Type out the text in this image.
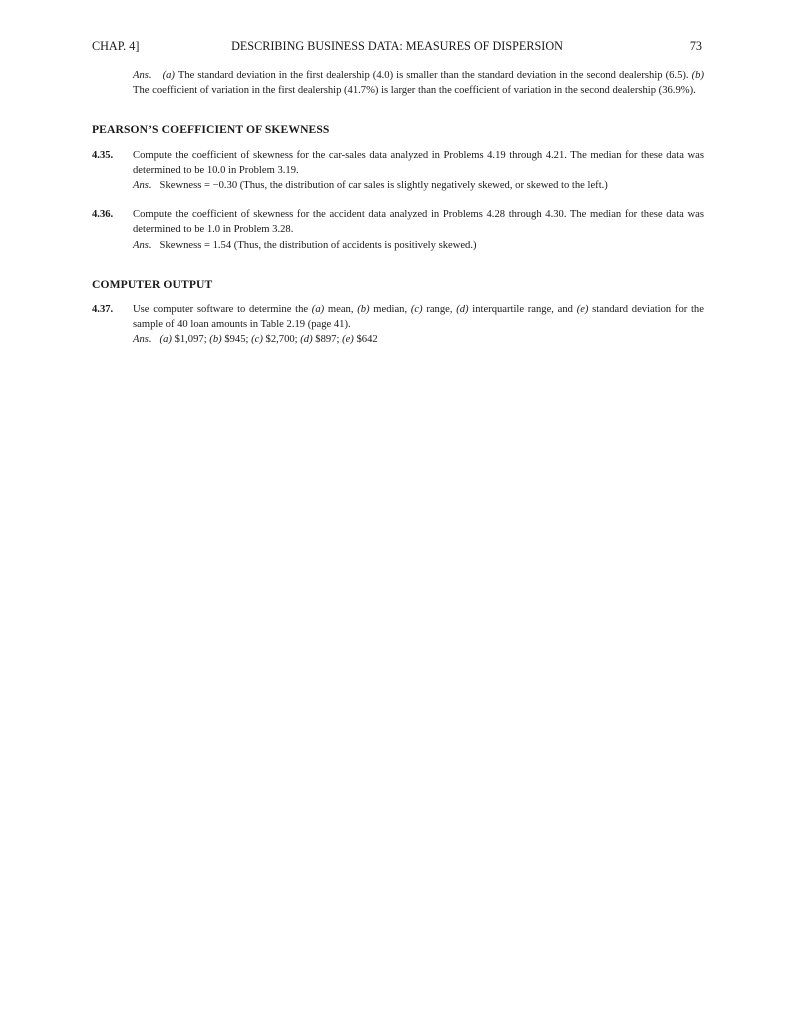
CHAP. 4]	DESCRIBING BUSINESS DATA: MEASURES OF DISPERSION	73
Ans. (a) The standard deviation in the first dealership (4.0) is smaller than the standard deviation in the second dealership (6.5). (b) The coefficient of variation in the first dealership (41.7%) is larger than the coefficient of variation in the second dealership (36.9%).
PEARSON’S COEFFICIENT OF SKEWNESS
4.35.	Compute the coefficient of skewness for the car-sales data analyzed in Problems 4.19 through 4.21. The median for these data was determined to be 10.0 in Problem 3.19.
Ans. Skewness = −0.30 (Thus, the distribution of car sales is slightly negatively skewed, or skewed to the left.)
4.36.	Compute the coefficient of skewness for the accident data analyzed in Problems 4.28 through 4.30. The median for these data was determined to be 1.0 in Problem 3.28.
Ans. Skewness = 1.54 (Thus, the distribution of accidents is positively skewed.)
COMPUTER OUTPUT
4.37.	Use computer software to determine the (a) mean, (b) median, (c) range, (d) interquartile range, and (e) standard deviation for the sample of 40 loan amounts in Table 2.19 (page 41).
Ans. (a) $1,097; (b) $945; (c) $2,700; (d) $897; (e) $642
